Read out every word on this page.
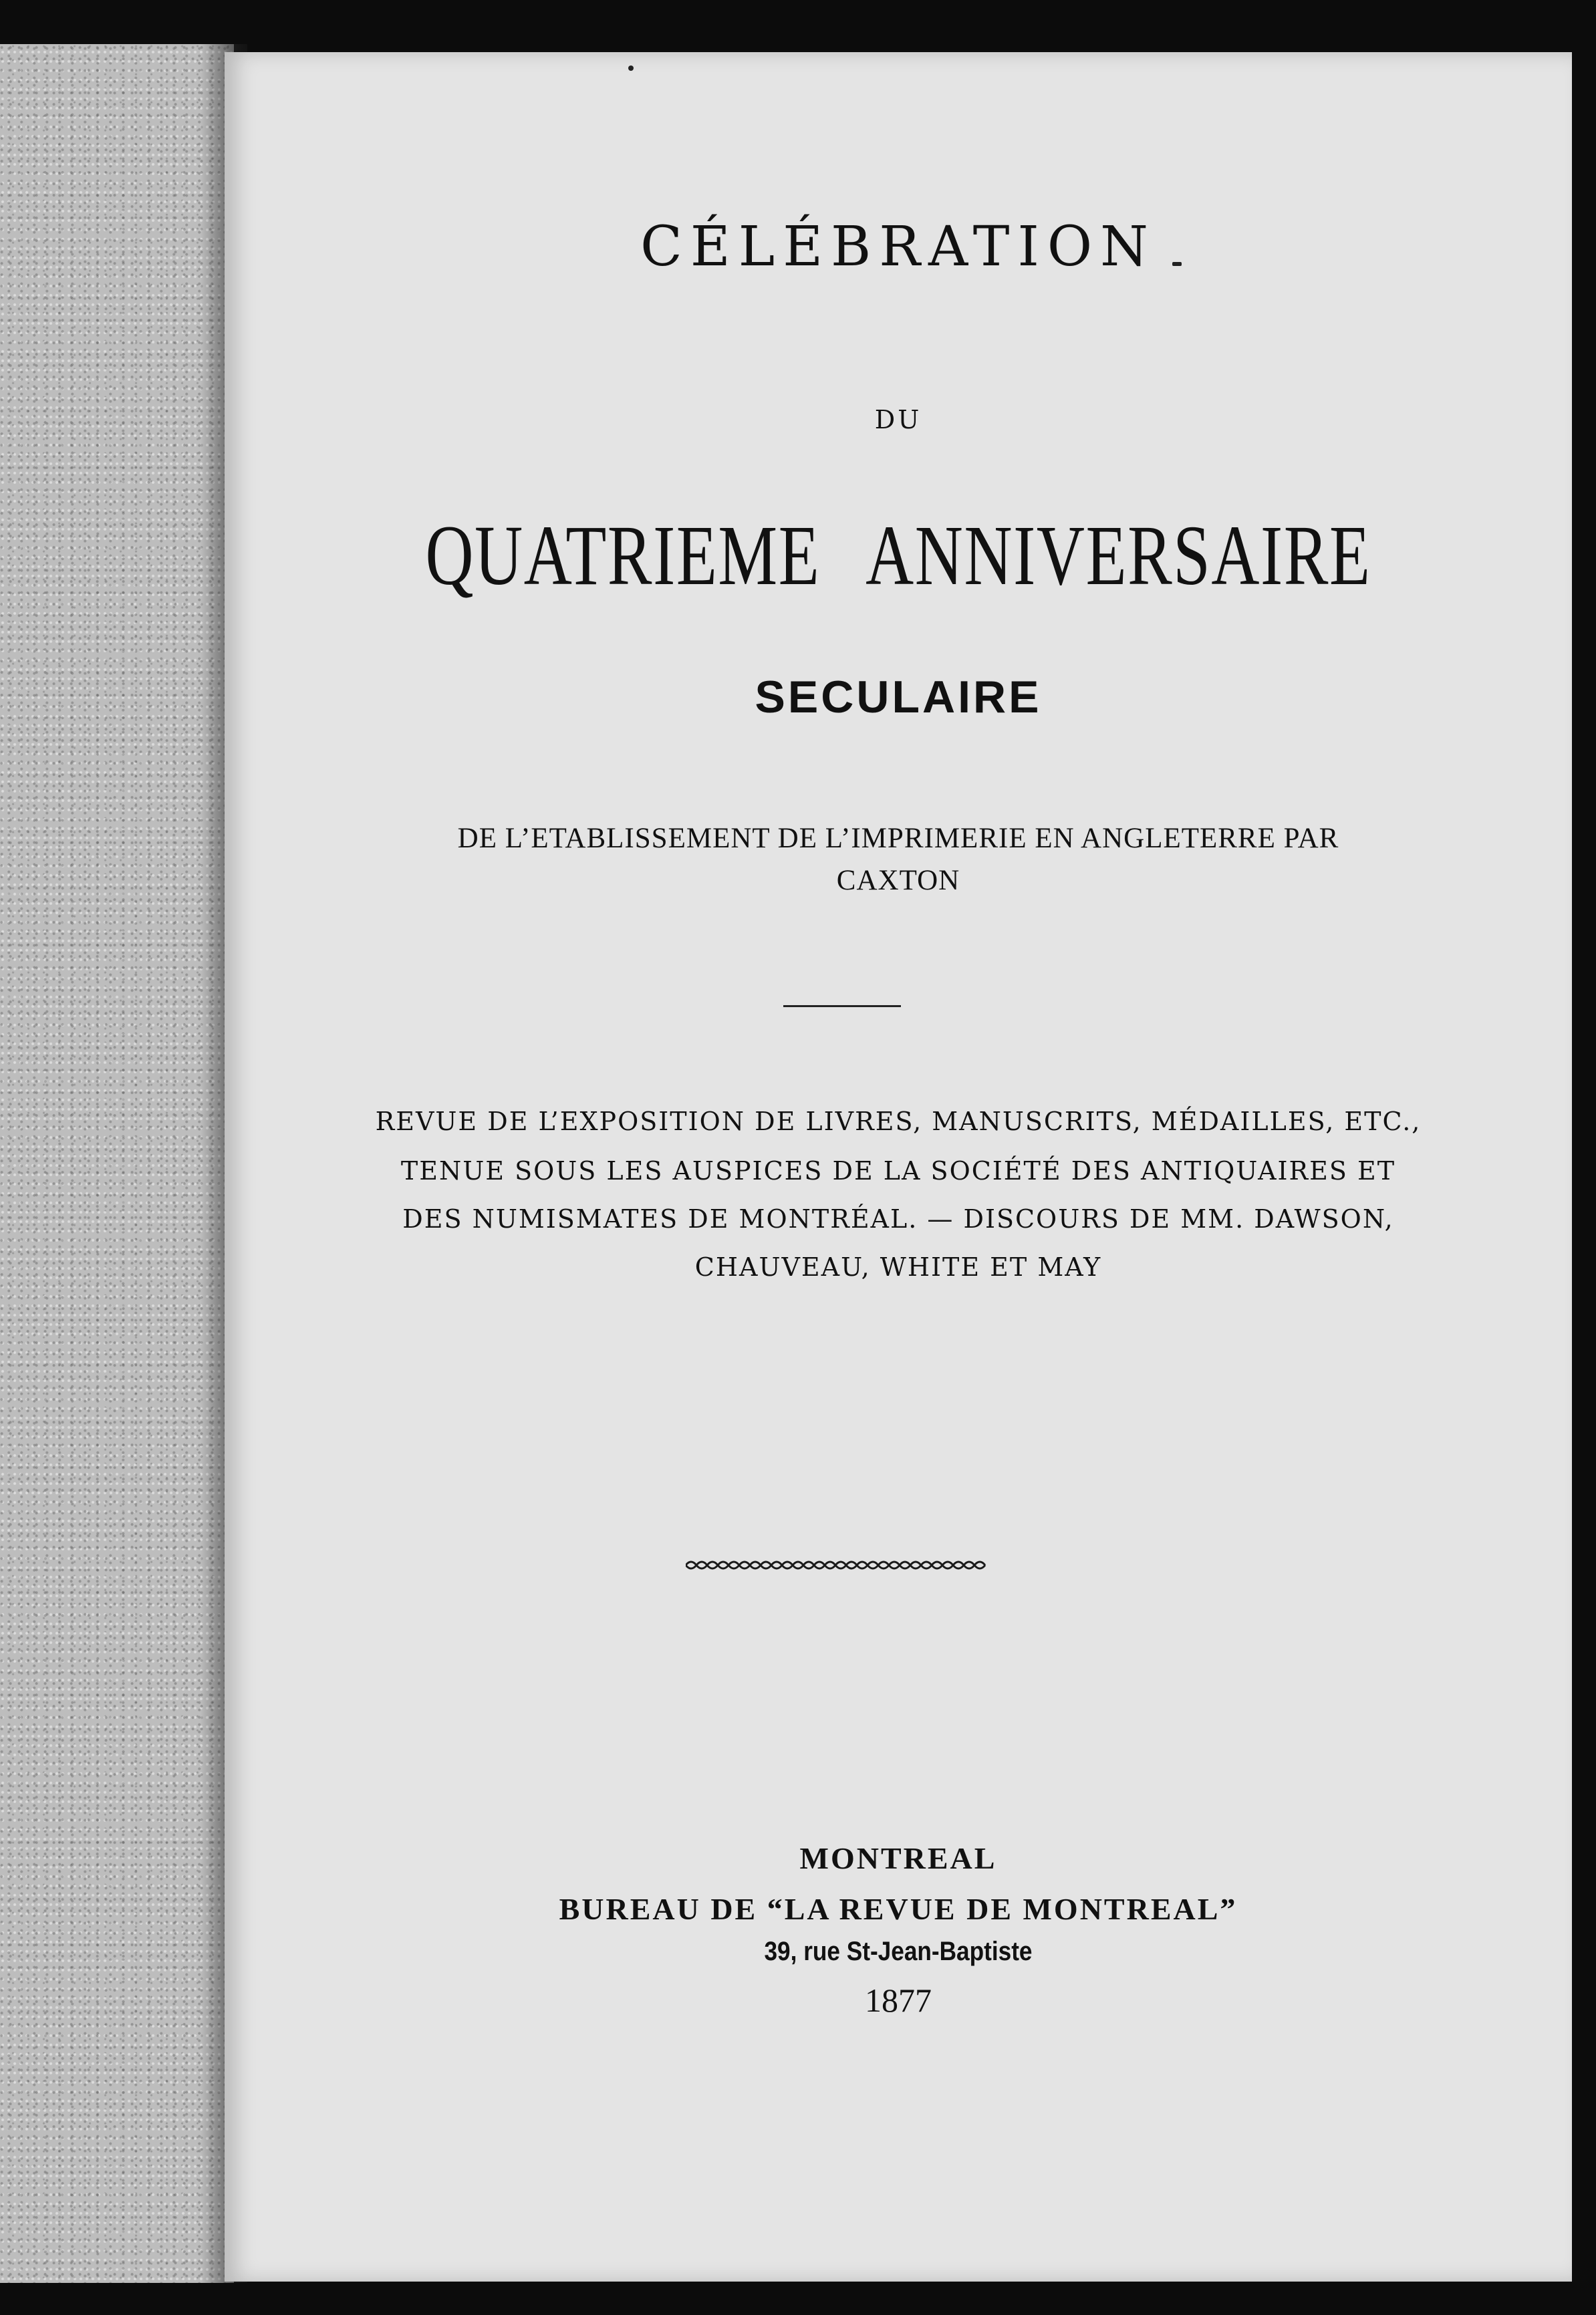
CÉLÉBRATION

DU

QUATRIEME ANNIVERSAIRE

SECULAIRE

DE L’ETABLISSEMENT DE L’IMPRIMERIE EN ANGLETERRE PAR

CAXTON

REVUE DE L’EXPOSITION DE LIVRES, MANUSCRITS, MÉDAILLES, ETC.,

TENUE SOUS LES AUSPICES DE LA SOCIÉTÉ DES ANTIQUAIRES ET

DES NUMISMATES DE MONTRÉAL. — DISCOURS DE MM. DAWSON,

CHAUVEAU, WHITE ET MAY

MONTREAL

BUREAU DE “LA REVUE DE MONTREAL”

39, rue St-Jean-Baptiste

1877
